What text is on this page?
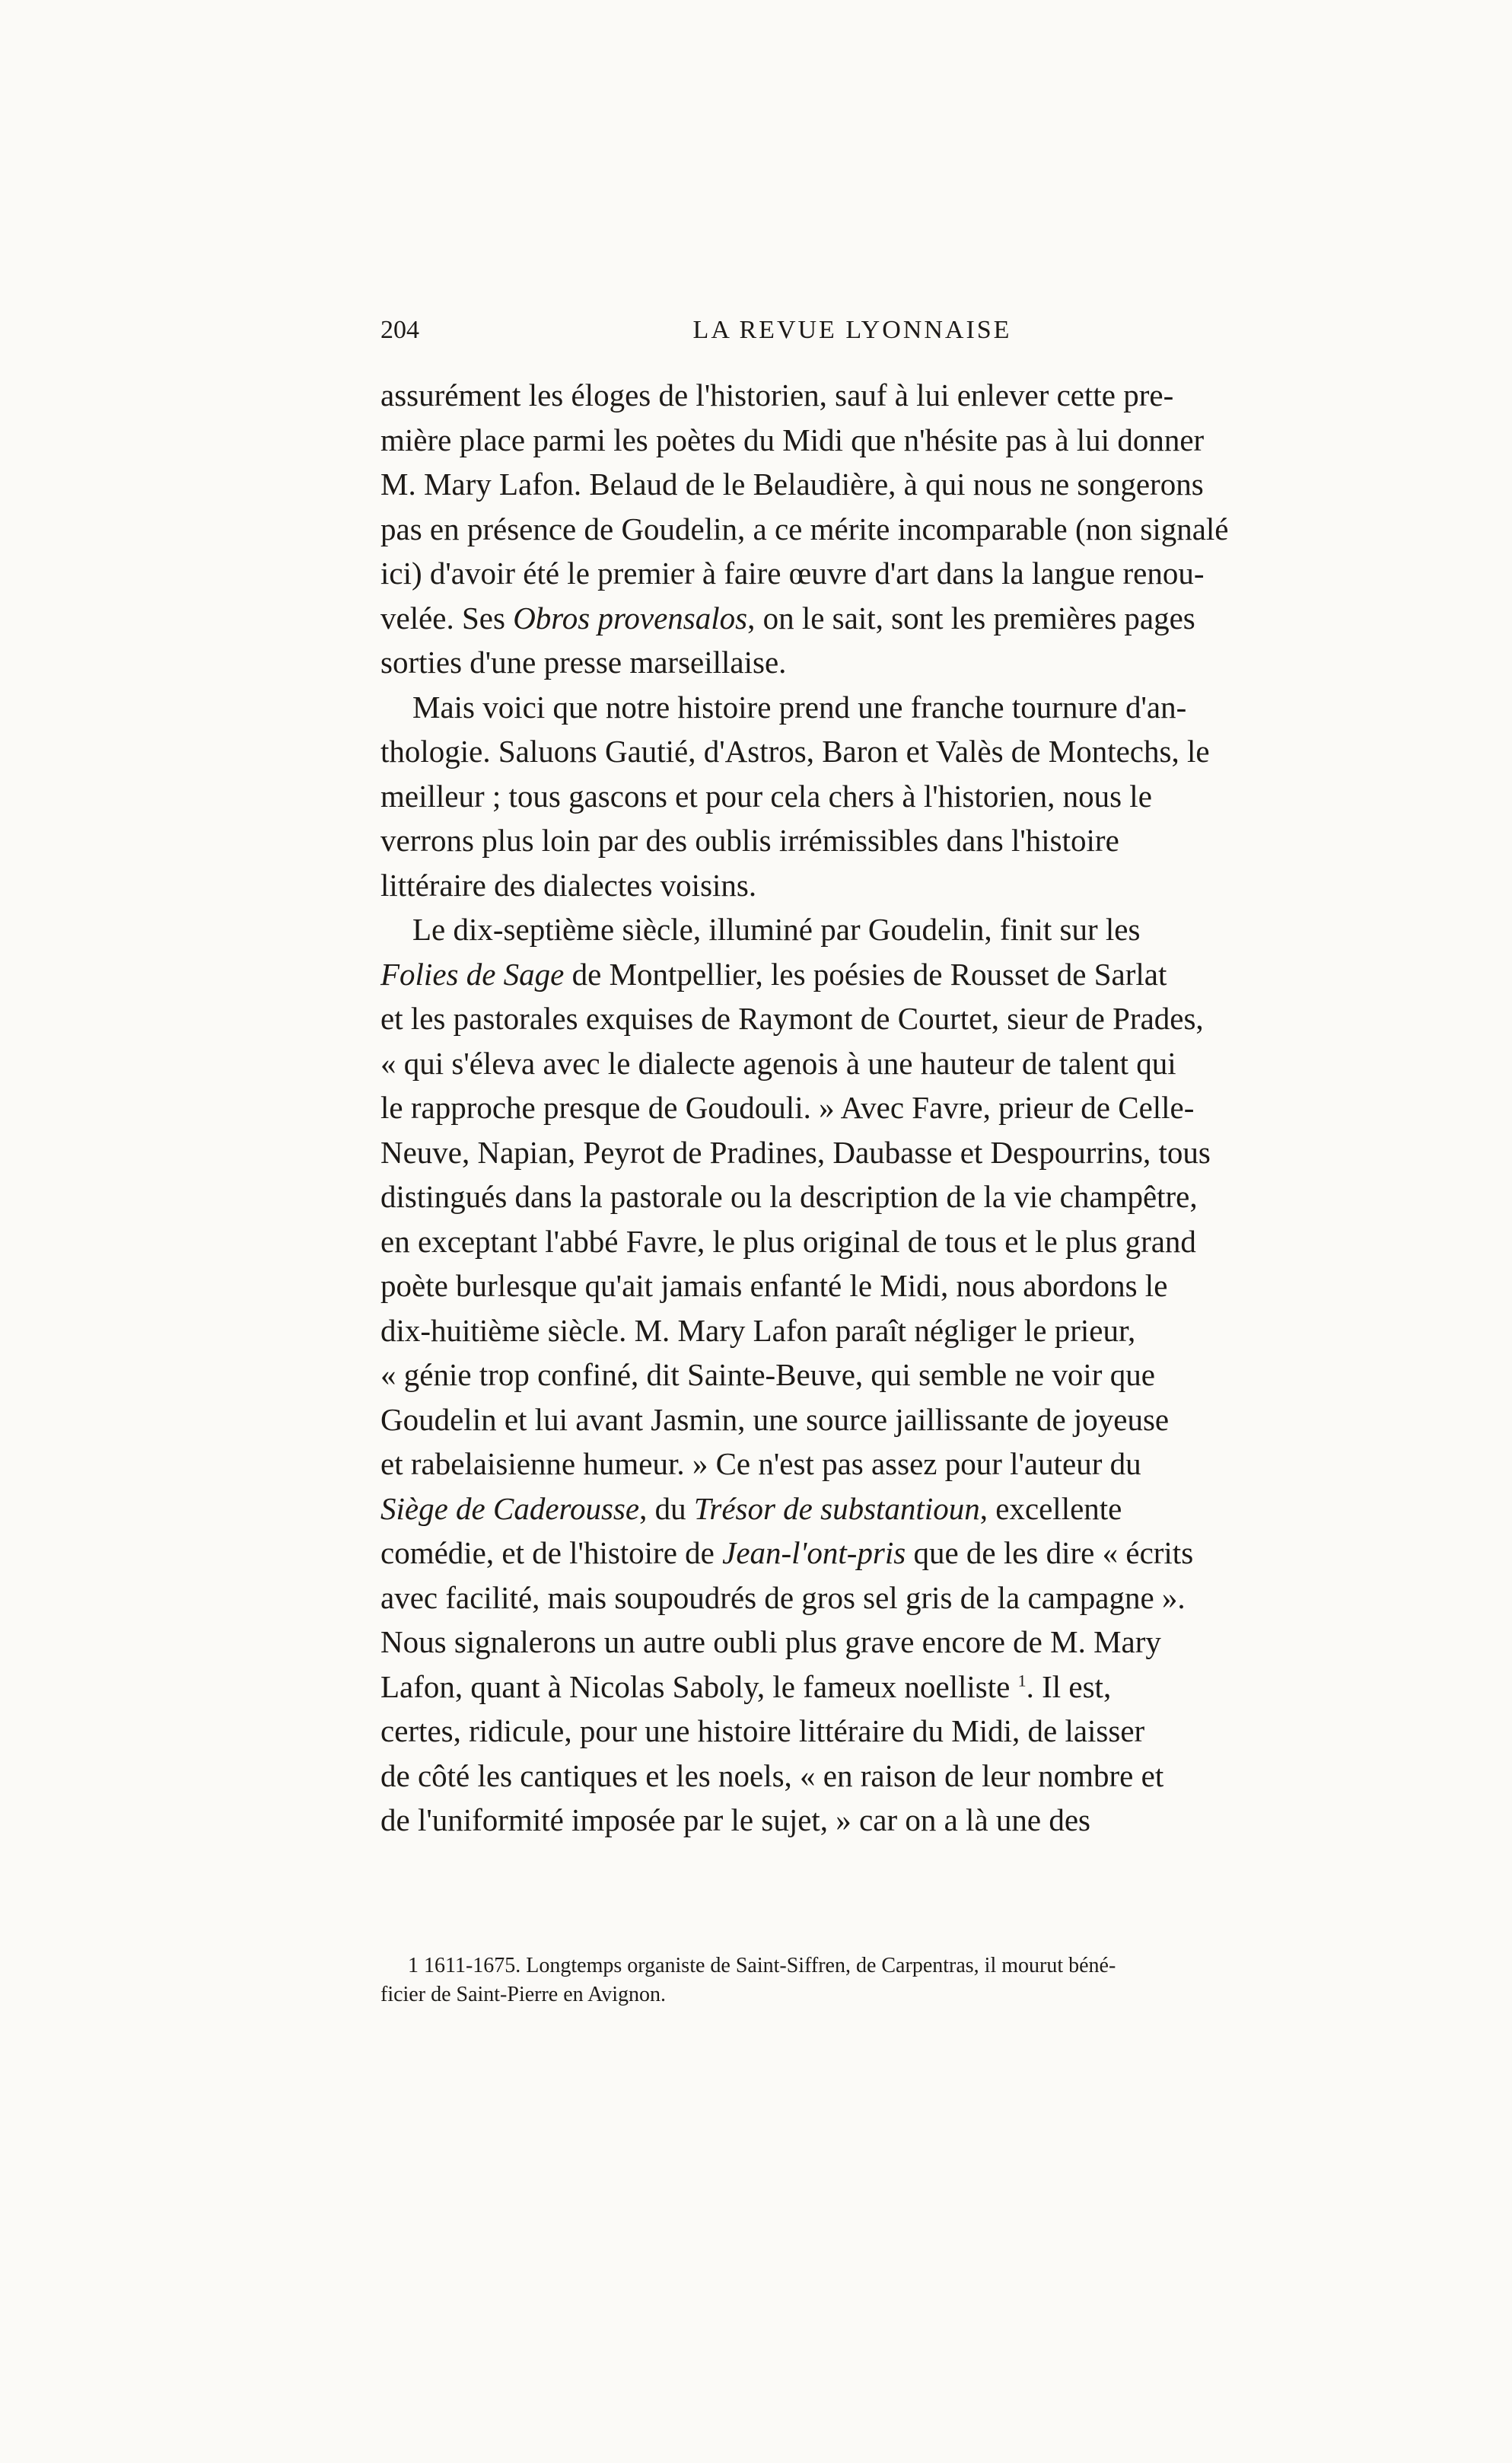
204	LA REVUE LYONNAISE
assurément les éloges de l'historien, sauf à lui enlever cette pre-
mière place parmi les poètes du Midi que n'hésite pas à lui donner
M. Mary Lafon. Belaud de le Belaudière, à qui nous ne songerons
pas en présence de Goudelin, a ce mérite incomparable (non signalé
ici) d'avoir été le premier à faire œuvre d'art dans la langue renou-
velée. Ses Obros provensalos, on le sait, sont les premières pages
sorties d'une presse marseillaise.
Mais voici que notre histoire prend une franche tournure d'an-
thologie. Saluons Gautié, d'Astros, Baron et Valès de Montechs, le
meilleur ; tous gascons et pour cela chers à l'historien, nous le
verrons plus loin par des oublis irrémissibles dans l'histoire
littéraire des dialectes voisins.
Le dix-septième siècle, illuminé par Goudelin, finit sur les
Folies de Sage de Montpellier, les poésies de Rousset de Sarlat
et les pastorales exquises de Raymont de Courtet, sieur de Prades,
« qui s'éleva avec le dialecte agenois à une hauteur de talent qui
le rapproche presque de Goudouli. » Avec Favre, prieur de Celle-
Neuve, Napian, Peyrot de Pradines, Daubasse et Despourrins, tous
distingués dans la pastorale ou la description de la vie champêtre,
en exceptant l'abbé Favre, le plus original de tous et le plus grand
poète burlesque qu'ait jamais enfanté le Midi, nous abordons le
dix-huitième siècle. M. Mary Lafon paraît négliger le prieur,
« génie trop confiné, dit Sainte-Beuve, qui semble ne voir que
Goudelin et lui avant Jasmin, une source jaillissante de joyeuse
et rabelaisienne humeur. » Ce n'est pas assez pour l'auteur du
Siège de Caderousse, du Trésor de substantioun, excellente
comédie, et de l'histoire de Jean-l'ont-pris que de les dire « écrits
avec facilité, mais soupoudrés de gros sel gris de la campagne ».
Nous signalerons un autre oubli plus grave encore de M. Mary
Lafon, quant à Nicolas Saboly, le fameux noelliste $^1$. Il est,
certes, ridicule, pour une histoire littéraire du Midi, de laisser
de côté les cantiques et les noels, « en raison de leur nombre et
de l'uniformité imposée par le sujet, » car on a là une des
1 1611-1675. Longtemps organiste de Saint-Siffren, de Carpentras, il mourut béné-
ficier de Saint-Pierre en Avignon.
